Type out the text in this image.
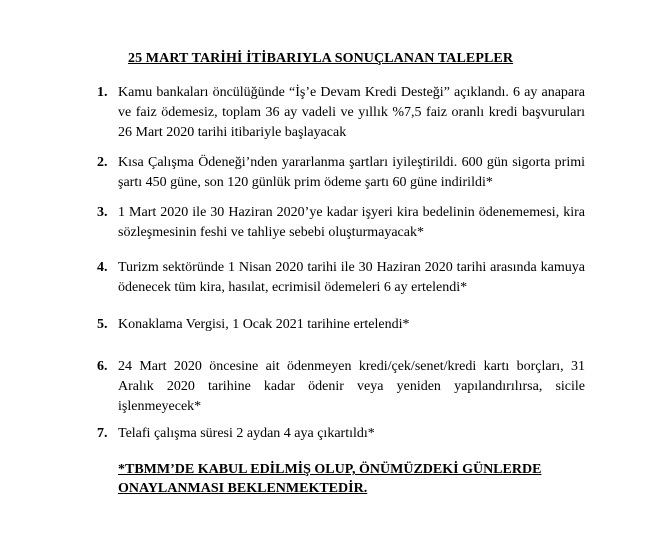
25 MART TARİHİ İTİBARIYLA SONUÇLANAN TALEPLER
1. Kamu bankaları öncülüğünde “İş’e Devam Kredi Desteği” açıklandı. 6 ay anapara ve faiz ödemesiz, toplam 36 ay vadeli ve yıllık %7,5 faiz oranlı kredi başvuruları 26 Mart 2020 tarihi itibariyle başlayacak
2. Kısa Çalışma Ödeneği’nden yararlanma şartları iyileştirildi. 600 gün sigorta primi şartı 450 güne, son 120 günlük prim ödeme şartı 60 güne indirildi*
3. 1 Mart 2020 ile 30 Haziran 2020’ye kadar işyeri kira bedelinin ödenememesi, kira sözleşmesinin feshi ve tahliye sebebi oluşturmayacak*
4. Turizm sektöründe 1 Nisan 2020 tarihi ile 30 Haziran 2020 tarihi arasında kamuya ödenecek tüm kira, hasılat, ecrimisil ödemeleri 6 ay ertelendi*
5. Konaklama Vergisi, 1 Ocak 2021 tarihine ertelendi*
6. 24 Mart 2020 öncesine ait ödenmeyen kredi/çek/senet/kredi kartı borçları, 31 Aralık 2020 tarihine kadar ödenir veya yeniden yapılandırılırsa, sicile işlenmeyecek*
7. Telafi çalışma süresi 2 aydan 4 aya çıkartıldı*
*TBMM’DE KABUL EDİLMİŞ OLUP, ÖNÜMÜZDEKİ GÜNLERDE ONAYLANMASI BEKLENMEKTEDİR.
